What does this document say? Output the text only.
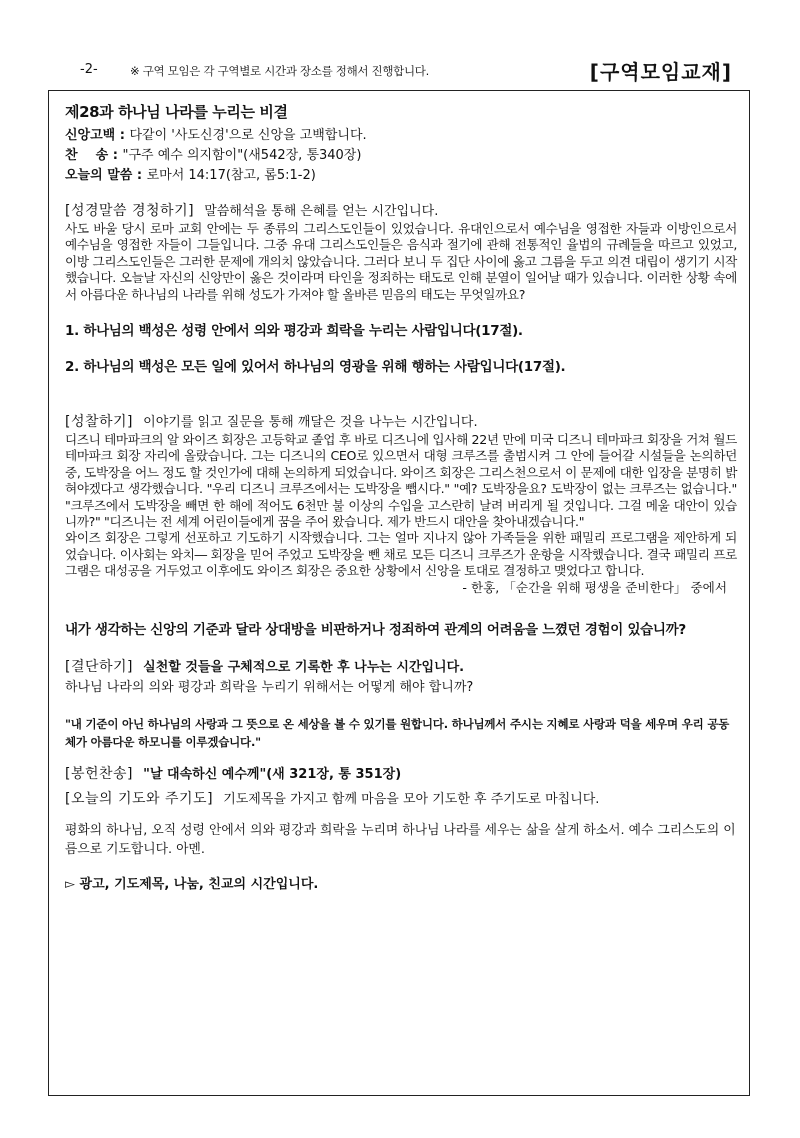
-2-	※ 구역 모임은 각 구역별로 시간과 장소를 정해서 진행합니다.	[구역모임교재]
제28과 하나님 나라를 누리는 비결
신앙고백 : 다같이 '사도신경'으로 신앙을 고백합니다.
찬    송 : "구주 예수 의지함이"(새542장, 통340장)
오늘의 말씀 : 로마서 14:17(참고, 롬5:1-2)
[성경말씀 경청하기] 말씀해석을 통해 은혜를 얻는 시간입니다.

사도 바울 당시 로마 교회 안에는 두 종류의 그리스도인들이 있었습니다. 유대인으로서 예수님을 영접한 자들과 이방인으로서 예수님을 영접한 자들이 그들입니다. 그중 유대 그리스도인들은 음식과 절기에 관해 전통적인 율법의 규례들을 따르고 있었고, 이방 그리스도인들은 그러한 문제에 개의치 않았습니다. 그러다 보니 두 집단 사이에 옳고 그름을 두고 의견 대립이 생기기 시작했습니다. 오늘날 자신의 신앙만이 옳은 것이라며 타인을 정죄하는 태도로 인해 분열이 일어날 때가 있습니다. 이러한 상황 속에서 아름다운 하나님의 나라를 위해 성도가 가져야 할 올바른 믿음의 태도는 무엇일까요?

1. 하나님의 백성은 성령 안에서 의와 평강과 희락을 누리는 사람입니다(17절).

2. 하나님의 백성은 모든 일에 있어서 하나님의 영광을 위해 행하는 사람입니다(17절).

[성찰하기] 이야기를 읽고 질문을 통해 깨달은 것을 나누는 시간입니다.

디즈니 테마파크의 알 와이즈 회장은 고등학교 졸업 후 바로 디즈니에 입사해 22년 만에 미국 디즈니 테마파크 회장을 거쳐 월드 테마파크 회장 자리에 올랐습니다. 그는 디즈니의 CEO로 있으면서 대형 크루즈를 출범시켜 그 안에 들어갈 시설들을 논의하던 중, 도박장을 어느 정도 할 것인가에 대해 논의하게 되었습니다. 와이즈 회장은 그리스천으로서 이 문제에 대한 입장을 분명히 밝혀야겠다고 생각했습니다. "우리 디즈니 크루즈에서는 도박장을 뺍시다." "예? 도박장을요? 도박장이 없는 크루즈는 없습니다." "크루즈에서 도박장을 빼면 한 해에 적어도 6천만 불 이상의 수입을 고스란히 날려 버리게 될 것입니다. 그걸 메울 대안이 있습니까?" "디즈니는 전 세계 어린이들에게 꿈을 주어 왔습니다. 제가 반드시 대안을 찾아내겠습니다."

와이즈 회장은 그렇게 선포하고 기도하기 시작했습니다. 그는 얼마 지나지 않아 가족들을 위한 패밀리 프로그램을 제안하게 되었습니다. 이사회는 와치― 회장을 믿어 주었고 도박장을 뺀 채로 모든 디즈니 크루즈가 운항을 시작했습니다. 결국 패밀리 프로그램은 대성공을 거두었고 이후에도 와이즈 회장은 중요한 상황에서 신앙을 토대로 결정하고 맺었다고 합니다.

- 한홍, 「순간을 위해 평생을 준비한다」 중에서

내가 생각하는 신앙의 기준과 달라 상대방을 비판하거나 정죄하여 관계의 어려움을 느꼈던 경험이 있습니까?

[결단하기] 실천할 것들을 구체적으로 기록한 후 나누는 시간입니다.
하나님 나라의 의와 평강과 희락을 누리기 위해서는 어떻게 해야 합니까?

"내 기준이 아닌 하나님의 사랑과 그 뜻으로 온 세상을 볼 수 있기를 원합니다. 하나님께서 주시는 지혜로 사랑과 덕을 세우며 우리 공동체가 아름다운 하모니를 이루겠습니다."

[봉헌찬송] "날 대속하신 예수께"(새 321장, 통 351장)
[오늘의 기도와 주기도] 기도제목을 가지고 함께 마음을 모아 기도한 후 주기도로 마칩니다.

평화의 하나님, 오직 성령 안에서 의와 평강과 희락을 누리며 하나님 나라를 세우는 삶을 살게 하소서. 예수 그리스도의 이름으로 기도합니다. 아멘.

▻ 광고, 기도제목, 나눔, 친교의 시간입니다.
